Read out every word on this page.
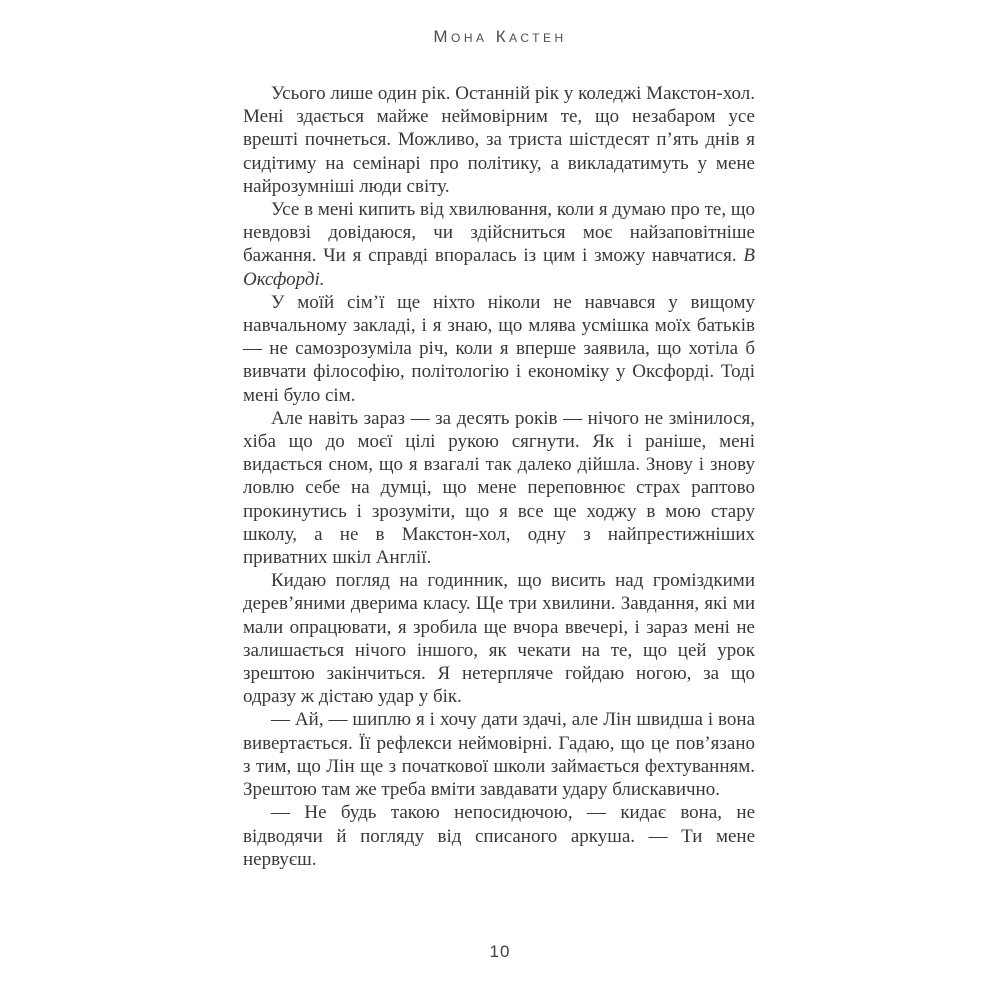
Мона Кастен

Усього лише один рік. Останній рік у коледжі Макстон-хол. Мені здається майже неймовірним те, що незабаром усе врешті почнеться. Можливо, за триста шістдесят п’ять днів я сидітиму на семінарі про політику, а викладатимуть у мене найрозумніші люди світу.

Усе в мені кипить від хвилювання, коли я думаю про те, що невдовзі довідаюся, чи здійсниться моє найзаповітніше бажання. Чи я справді впоралась із цим і зможу навчатися. В Оксфорді.

У моїй сім’ї ще ніхто ніколи не навчався у вищому навчальному закладі, і я знаю, що млява усмішка моїх батьків — не самозрозуміла річ, коли я вперше заявила, що хотіла б вивчати філософію, політологію і економіку у Оксфорді. Тоді мені було сім.

Але навіть зараз — за десять років — нічого не змінилося, хіба що до моєї цілі рукою сягнути. Як і раніше, мені видається сном, що я взагалі так далеко дійшла. Знову і знову ловлю себе на думці, що мене переповнює страх раптово прокинутись і зрозуміти, що я все ще ходжу в мою стару школу, а не в Макстон-хол, одну з найпрестижніших приватних шкіл Англії.

Кидаю погляд на годинник, що висить над громіздкими дерев’яними дверима класу. Ще три хвилини. Завдання, які ми мали опрацювати, я зробила ще вчора ввечері, і зараз мені не залишається нічого іншого, як чекати на те, що цей урок зрештою закінчиться. Я нетерпляче гойдаю ногою, за що одразу ж дістаю удар у бік.

— Ай, — шиплю я і хочу дати здачі, але Лін швидша і вона вивертається. Її рефлекси неймовірні. Гадаю, що це пов’язано з тим, що Лін ще з початкової школи займається фехтуванням. Зрештою там же треба вміти завдавати удару блискавично.

— Не будь такою непосидючою, — кидає вона, не відводячи й погляду від списаного аркуша. — Ти мене нервуєш.

10
